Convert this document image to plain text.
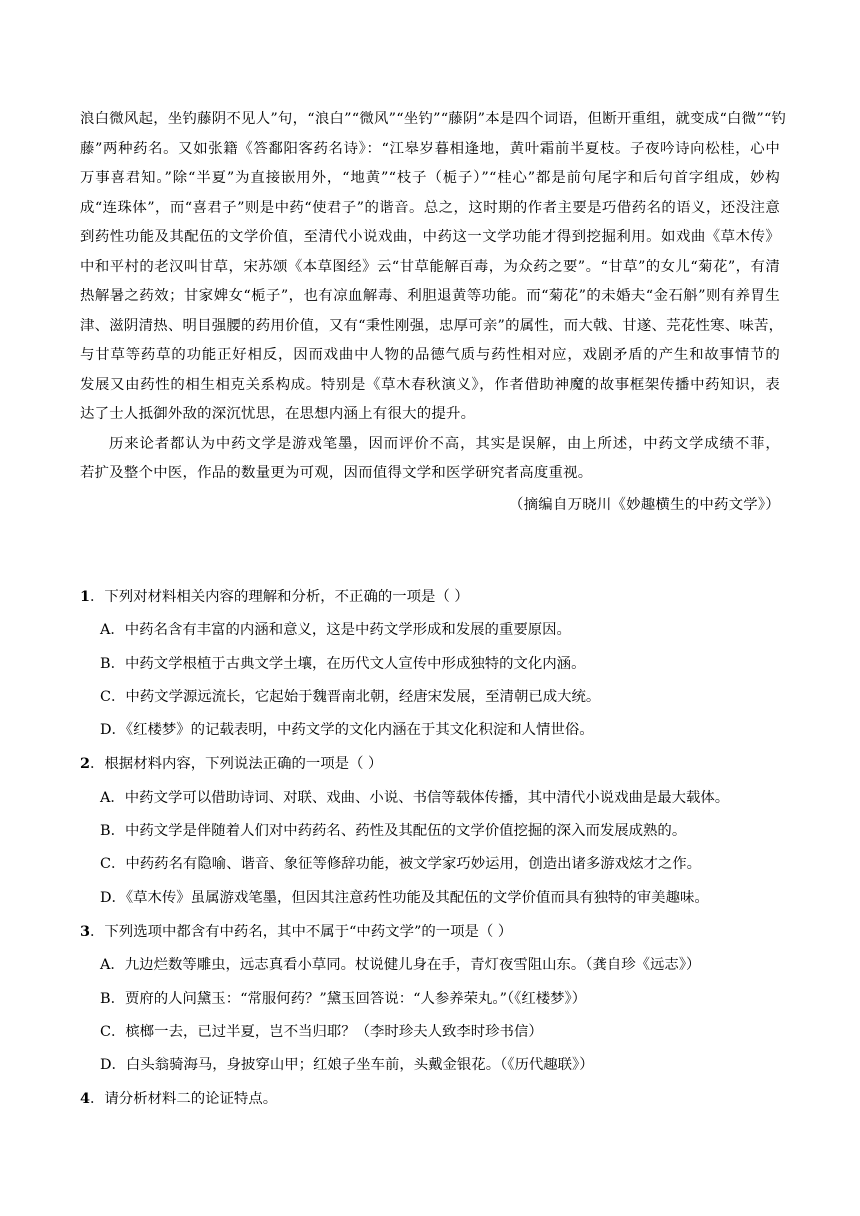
浪白微风起，坐钓藤阴不见人”句，“浪白”“微风”“坐钓”“藤阴”本是四个词语，但断开重组，就变成“白微”“钓
藤”两种药名。又如张籍《答鄱阳客药名诗》：“江皋岁暮相逢地，黄叶霜前半夏枝。子夜吟诗向松桂，心中
万事喜君知。”除“半夏”为直接嵌用外，“地黄”“枝子（栀子）”“桂心”都是前句尾字和后句首字组成，妙构
成“连珠体”，而“喜君子”则是中药“使君子”的谐音。总之，这时期的作者主要是巧借药名的语义，还没注意
到药性功能及其配伍的文学价值，至清代小说戏曲，中药这一文学功能才得到挖掘利用。如戏曲《草木传》
中和平村的老汉叫甘草，宋苏颂《本草图经》云“甘草能解百毒，为众药之要”。“甘草”的女儿“菊花”，有清
热解暑之药效；甘家婢女“栀子”，也有凉血解毒、利胆退黄等功能。而“菊花”的未婚夫“金石斛”则有养胃生
津、滋阴清热、明目强腰的药用价值，又有“秉性刚强，忠厚可亲”的属性，而大戟、甘遂、芫花性寒、味苦，
与甘草等药草的功能正好相反，因而戏曲中人物的品德气质与药性相对应，戏剧矛盾的产生和故事情节的
发展又由药性的相生相克关系构成。特别是《草木春秋演义》，作者借助神魔的故事框架传播中药知识，表
达了士人抵御外敌的深沉忧思，在思想内涵上有很大的提升。
历来论者都认为中药文学是游戏笔墨，因而评价不高，其实是误解，由上所述，中药文学成绩不菲，
若扩及整个中医，作品的数量更为可观，因而值得文学和医学研究者高度重视。
（摘编自万晓川《妙趣横生的中药文学》）
1．下列对材料相关内容的理解和分析，不正确的一项是（ ）
A．中药名含有丰富的内涵和意义，这是中药文学形成和发展的重要原因。
B．中药文学根植于古典文学土壤，在历代文人宣传中形成独特的文化内涵。
C．中药文学源远流长，它起始于魏晋南北朝，经唐宋发展，至清朝已成大统。
D．《红楼梦》的记载表明，中药文学的文化内涵在于其文化积淀和人情世俗。
2．根据材料内容，下列说法正确的一项是（ ）
A．中药文学可以借助诗词、对联、戏曲、小说、书信等载体传播，其中清代小说戏曲是最大载体。
B．中药文学是伴随着人们对中药药名、药性及其配伍的文学价值挖掘的深入而发展成熟的。
C．中药药名有隐喻、谐音、象征等修辞功能，被文学家巧妙运用，创造出诸多游戏炫才之作。
D．《草木传》虽属游戏笔墨，但因其注意药性功能及其配伍的文学价值而具有独特的审美趣味。
3．下列选项中都含有中药名，其中不属于“中药文学”的一项是（ ）
A．九边烂数等雕虫，远志真看小草同。杖说健儿身在手，青灯夜雪阻山东。（龚自珍《远志》）
B．贾府的人问黛玉：“常服何药？”黛玉回答说：“人参养荣丸。”（《红楼梦》）
C．槟榔一去，已过半夏，岂不当归耶？（李时珍夫人致李时珍书信）
D．白头翁骑海马，身披穿山甲；红娘子坐车前，头戴金银花。（《历代趣联》）
4．请分析材料二的论证特点。
